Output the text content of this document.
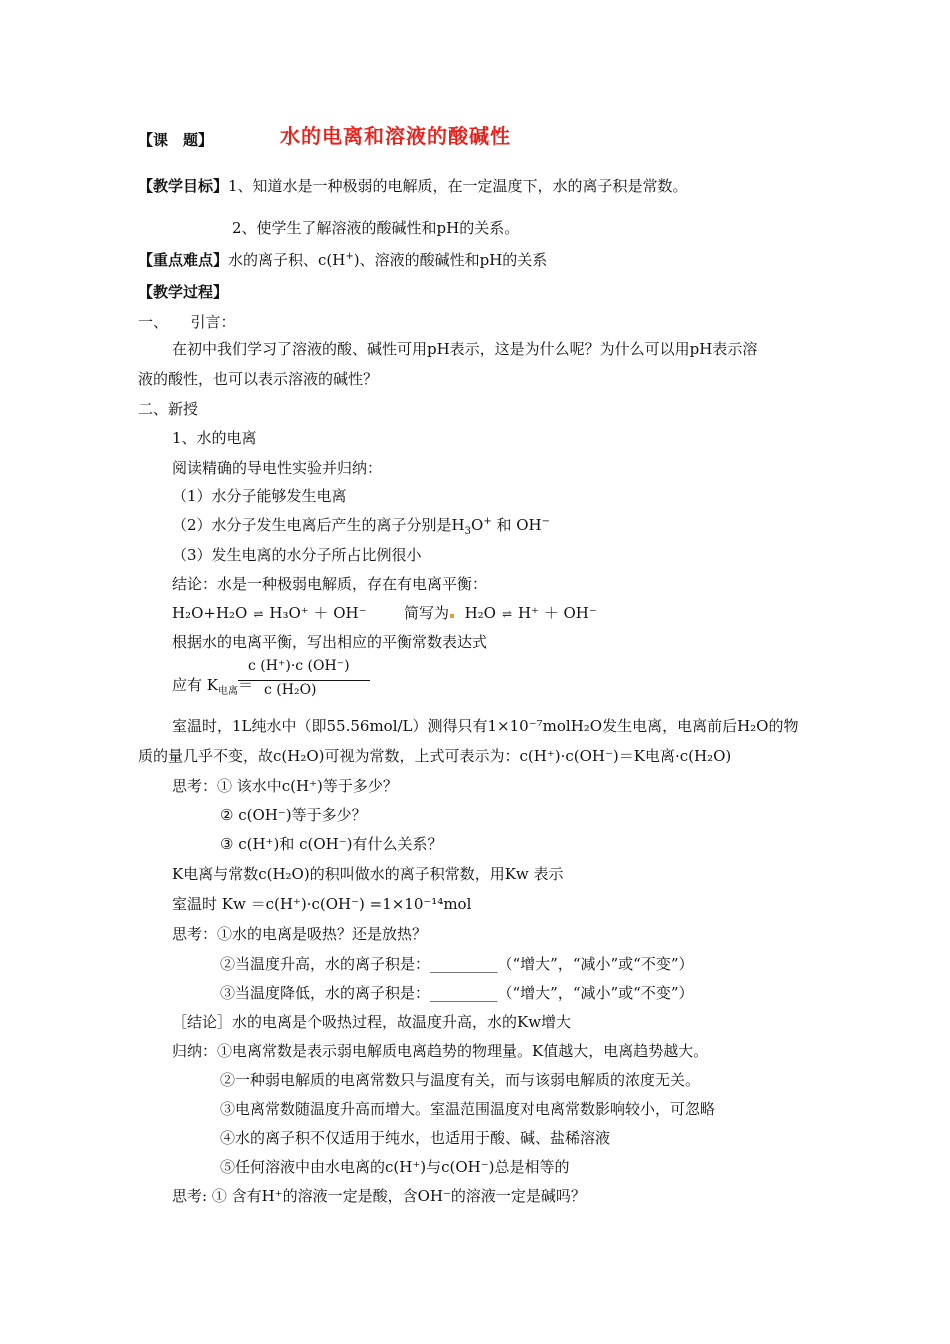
【课　题】	水的电离和溶液的酸碱性
【教学目标】1、知道水是一种极弱的电解质，在一定温度下，水的离子积是常数。
2、使学生了解溶液的酸碱性和pH的关系。
【重点难点】水的离子积、c(H+)、溶液的酸碱性和pH的关系
【教学过程】
一、　　引言：
在初中我们学习了溶液的酸、碱性可用pH表示，这是为什么呢？为什么可以用pH表示溶
液的酸性，也可以表示溶液的碱性？
二、新授
1、水的电离
阅读精确的导电性实验并归纳：
（1）水分子能够发生电离
（2）水分子发生电离后产生的离子分别是$H_3O^+$ 和 OH−
（3）发生电离的水分子所占比例很小
结论：水是一种极弱电解质，存在有电离平衡：
H₂O+H₂O ⇌ H₃O⁺ ＋ OH⁻ 简写为 H₂O ⇌ H⁺ ＋ OH⁻
根据水的电离平衡，写出相应的平衡常数表达式
应有 $K_{电离}=$
c (H⁺)·c (OH⁻)
c (H₂O)
室温时，1L纯水中（即55.56mol/L）测得只有1×10⁻⁷molH₂O发生电离，电离前后H₂O的物
质的量几乎不变，故c(H₂O)可视为常数，上式可表示为：c(H⁺)·c(OH⁻)＝K电离·c(H₂O)
思考：① 该水中c(H⁺)等于多少？
② c(OH⁻)等于多少？
③ c(H⁺)和 c(OH⁻)有什么关系？
K电离与常数c(H₂O)的积叫做水的离子积常数，用Kw 表示
室温时 Kw ＝c(H⁺)·c(OH⁻) =1×10⁻¹⁴mol
思考：①水的电离是吸热？还是放热？
②当温度升高，水的离子积是：_________（“增大”，“减小”或“不变”）
③当温度降低，水的离子积是：_________（“增大”，“减小”或“不变”）
［结论］水的电离是个吸热过程，故温度升高，水的Kw增大
归纳：①电离常数是表示弱电解质电离趋势的物理量。K值越大，电离趋势越大。
②一种弱电解质的电离常数只与温度有关，而与该弱电解质的浓度无关。
③电离常数随温度升高而增大。室温范围温度对电离常数影响较小，可忽略
④水的离子积不仅适用于纯水，也适用于酸、碱、盐稀溶液
⑤任何溶液中由水电离的c(H⁺)与c(OH⁻)总是相等的
思考: ① 含有H⁺的溶液一定是酸，含OH⁻的溶液一定是碱吗？
